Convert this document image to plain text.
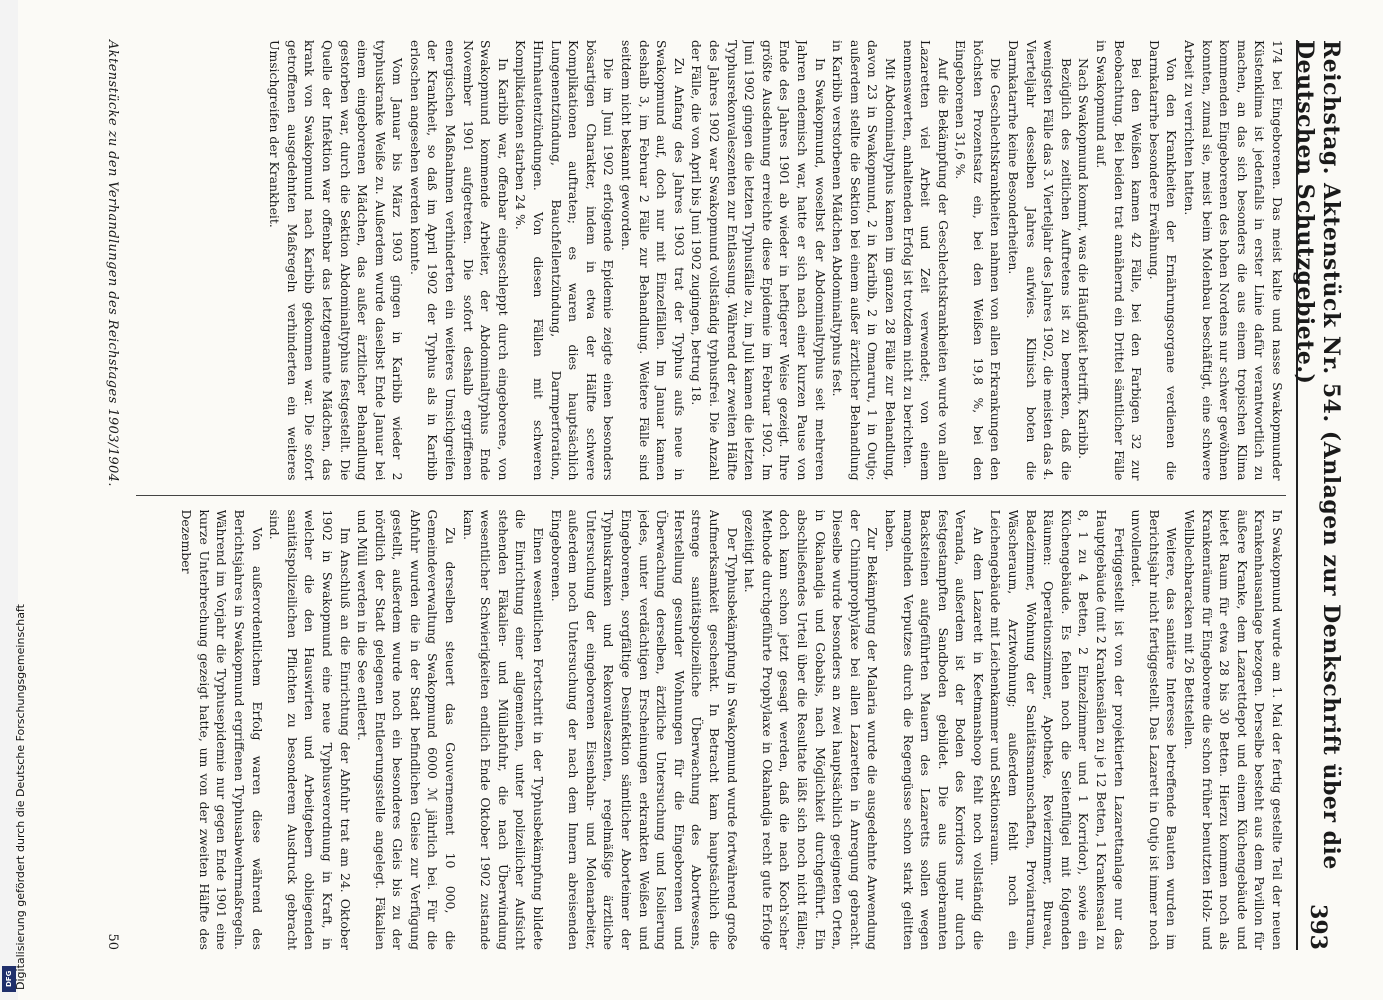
DFG Digitalisierung gefördert durch die Deutsche Forschungsgemeinschaft	Reichstag. Aktenstück Nr. 54. (Anlagen zur Denkschrift über die Deutschen Schutzgebiete.)
393

174 bei Eingeborenen. Das meist kalte und nasse Swakopmunder Küstenklima ist jedenfalls in erster Linie dafür verantwortlich zu machen, an das sich besonders die aus einem tropischen Klima kommenden Eingeborenen des hohen Nordens nur schwer gewöhnen konnten, zumal sie, meist beim Molenbau beschäftigt, eine schwere Arbeit zu verrichten hatten.

Von den Krankheiten der Ernährungsorgane verdienen die Darmkatarrhe besondere Erwähnung.

Bei den Weißen kamen 42 Fälle, bei den Farbigen 32 zur Beobachtung. Bei beiden trat annähernd ein Drittel sämtlicher Fälle in Swakopmund auf.

Nach Swakopmund kommt, was die Häufigkeit betrifft, Karibib.

Bezüglich des zeitlichen Auftretens ist zu bemerken, daß die wenigsten Fälle das 3. Vierteljahr des Jahres 1902, die meisten das 4. Vierteljahr desselben Jahres aufwies. Klinisch boten die Darmkatarrhe keine Besonderheiten.

Die Geschlechtskrankheiten nahmen von allen Erkrankungen den höchsten Prozentsatz ein, bei den Weißen 19,8 %, bei den Eingeborenen 31,6 %.

Auf die Bekämpfung der Geschlechtskrankheiten wurde von allen Lazaretten viel Arbeit und Zeit verwendet; von einem nennenswerten, anhaltenden Erfolg ist trotzdem nicht zu berichten.

Mit Abdominaltyphus kamen im ganzen 28 Fälle zur Behandlung, davon 23 in Swakopmund, 2 in Karibib, 2 in Omaruru, 1 in Outjo; außerdem stellte die Sektion bei einem außer ärztlicher Behandlung in Karibib verstorbenen Mädchen Abdominaltyphus fest.

In Swakopmund, woselbst der Abdominaltyphus seit mehreren Jahren endemisch war, hatte er sich nach einer kurzen Pause von Ende des Jahres 1901 ab wieder in heftigerer Weise gezeigt. Ihre größte Ausdehnung erreichte diese Epidemie im Februar 1902. Im Juni 1902 gingen die letzten Typhusfälle zu, im Juli kamen die letzten Typhusrekonvaleszenten zur Entlassung. Während der zweiten Hälfte des Jahres 1902 war Swakopmund vollständig typhusfrei. Die Anzahl der Fälle, die von April bis Juni 1902 zugingen, betrug 18.

Zu Anfang des Jahres 1903 trat der Typhus aufs neue in Swakopmund auf, doch nur mit Einzelfällen. Im Januar kamen deshalb 3, im Februar 2 Fälle zur Behandlung. Weitere Fälle sind seitdem nicht bekannt geworden.

Die im Juni 1902 erfolgende Epidemie zeigte einen besonders bösartigen Charakter, indem in etwa der Hälfte schwere Komplikationen auftraten; es waren dies hauptsächlich Lungenentzündung, Bauchfellentzündung, Darmperforation, Hirnhautentzündungen. Von diesen Fällen mit schweren Komplikationen starben 24 %.

In Karibib war, offenbar eingeschleppt durch eingeborene, von Swakopmund kommende Arbeiter, der Abdominaltyphus Ende November 1901 aufgetreten. Die sofort deshalb ergriffenen energischen Maßnahmen verhinderten ein weiteres Umsichgreifen der Krankheit, so daß im April 1902 der Typhus als in Karibib erloschen angesehen werden konnte.

Vom Januar bis März 1903 gingen in Karibib wieder 2 typhuskranke Weiße zu. Außerdem wurde daselbst Ende Januar bei einem eingeborenen Mädchen, das außer ärztlicher Behandlung gestorben war, durch die Sektion Abdominaltyphus festgestellt. Die Quelle der Infektion war offenbar das letztgenannte Mädchen, das krank von Swakopmund nach Karibib gekommen war. Die sofort getroffenen ausgedehnten Maßregeln verhinderten ein weiteres Umsichgreifen der Krankheit.

In Swakopmund wurde am 1. Mai der fertig gestellte Teil der neuen Krankenhausanlage bezogen. Derselbe besteht aus dem Pavillon für äußere Kranke, dem Lazarettdepot und einem Küchengebäude und bietet Raum für etwa 28 bis 30 Betten. Hierzu kommen noch als Krankenräume für Eingeborene die schon früher benutzten Holz- und Wellblechbaracken mit 26 Bettstellen.

Weitere, das sanitäre Interesse betreffende Bauten wurden im Berichtsjahr nicht fertiggestellt. Das Lazarett in Outjo ist immer noch unvollendet.

Fertiggestellt ist von der projektierten Lazarettanlage nur das Hauptgebäude (mit 2 Krankensälen zu je 12 Betten, 1 Krankensaal zu 8, 1 zu 4 Betten, 2 Einzelzimmer und 1 Korridor), sowie ein Küchengebäude. Es fehlen noch die Seitenflügel mit folgenden Räumen: Operationszimmer, Apotheke, Revierzimmer, Bureau, Badezimmer, Wohnung der Sanitätsmannschaften, Proviantraum, Wäscheraum, Arztwohnung; außerdem fehlt noch ein Leichengebäude mit Leichenkammer und Sektionsraum.

An dem Lazarett in Keetmanshoop fehlt noch vollständig die Veranda, außerdem ist der Boden des Korridors nur durch festgestampften Sandboden gebildet. Die aus ungebrannten Backsteinen aufgeführten Mauern des Lazaretts sollen wegen mangelnden Verputzes durch die Regengüsse schon stark gelitten haben.

Zur Bekämpfung der Malaria wurde die ausgedehnte Anwendung der Chininprophylaxe bei allen Lazaretten in Anregung gebracht. Dieselbe wurde besonders an zwei hauptsächlich geeigneten Orten, in Okahandja und Gobabis, nach Möglichkeit durchgeführt. Ein abschließendes Urteil über die Resultate läßt sich noch nicht fällen; doch kann schon jetzt gesagt werden, daß die nach Koch'scher Methode durchgeführte Prophylaxe in Okahandja recht gute Erfolge gezeitigt hat.

Der Typhusbekämpfung in Swakopmund wurde fortwährend große Aufmerksamkeit geschenkt. In Betracht kam hauptsächlich die strenge sanitätspolizeiliche Überwachung des Abortwesens, Herstellung gesunder Wohnungen für die Eingeborenen und Überwachung derselben, ärztliche Untersuchung und Isolierung jedes, unter verdächtigen Erscheinungen erkrankten Weißen und Eingeborenen, sorgfältige Desinfektion sämtlicher Aborteimer der Typhuskranken und Rekonvaleszenten, regelmäßige ärztliche Untersuchung der eingeborenen Eisenbahn- und Molenarbeiter, außerdem noch Untersuchung der nach dem Innern abreisenden Eingeborenen.

Einen wesentlichen Fortschritt in der Typhusbekämpfung bildete die Einrichtung einer allgemeinen, unter polizeilicher Aufsicht stehenden Fäkalien- und Müllabfuhr, die nach Überwindung wesentlicher Schwierigkeiten endlich Ende Oktober 1902 zustande kam.

Zu derselben steuert das Gouvernement 10 000, die Gemeindeverwaltung Swakopmund 6000 ℳ jährlich bei. Für die Abfuhr wurden die in der Stadt befindlichen Gleise zur Verfügung gestellt, außerdem wurde noch ein besonderes Gleis bis zu der nördlich der Stadt gelegenen Entleerungsstelle angelegt. Fäkalien und Müll werden in die See entleert.

Im Anschluß an die Einrichtung der Abfuhr trat am 24. Oktober 1902 in Swakopmund eine neue Typhusverordnung in Kraft, in welcher die den Hauswirten und Arbeitgebern obliegenden sanitätspolizeilichen Pflichten zu besonderem Ausdruck gebracht sind.

Von außerordentlichem Erfolg waren diese während des Berichtsjahres in Swakopmund ergriffenen Typhusabwehrmaßregeln. Während im Vorjahr die Typhusepidemie nur gegen Ende 1901 eine kurze Unterbrechung gezeigt hatte, um von der zweiten Hälfte des Dezember

Aktenstücke zu den Verhandlungen des Reichstages 1903/1904.
50
